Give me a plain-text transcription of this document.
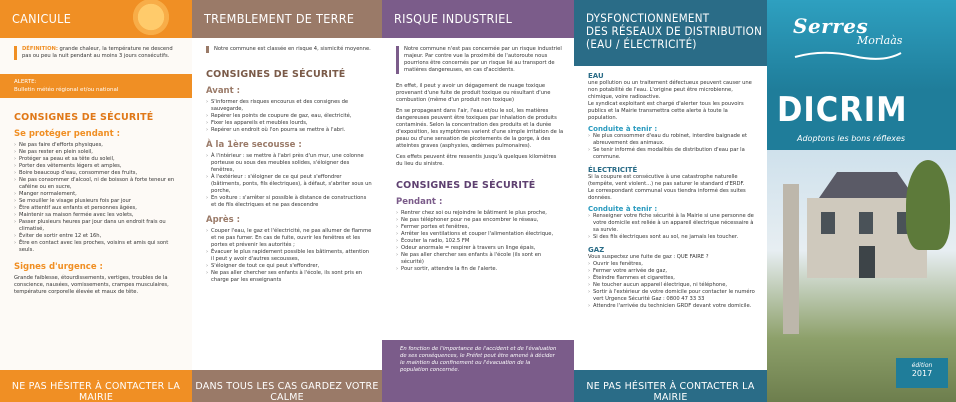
CANICULE

DÉFINITION: grande chaleur, la température ne descend pas ou peu la nuit pendant au moins 3 jours consécutifs.

ALERTE:

Bulletin météo régional et/ou national

CONSIGNES DE SÉCURITÉ
Se protéger pendant :
› Ne pas faire d'efforts physiques,
› Ne pas rester en plein soleil,
› Protéger sa peau et sa tête du soleil,
› Porter des vêtements légers et amples,
› Boire beaucoup d'eau, consommer des fruits,
› Ne pas consommer d'alcool, ni de boisson à forte teneur en caféine ou en sucre,
› Manger normalement,
› Se mouiller le visage plusieurs fois par jour
› Être attentif aux enfants et personnes âgées,
› Maintenir sa maison fermée avec les volets,
› Passer plusieurs heures par jour dans un endroit frais ou climatisé,
› Éviter de sortir entre 12 et 16h,
› Être en contact avec les proches, voisins et amis qui sont seuls.
Signes d'urgence :

Grande faiblesse, étourdissements, vertiges, troubles de la conscience, nausées, vomissements, crampes musculaires, température corporelle élevée et maux de tête.

NE PAS HÉSITER À CONTACTER LA MAIRIE
TREMBLEMENT DE TERRE

Notre commune est classée en risque 4, sismicité moyenne.

CONSIGNES DE SÉCURITÉ
Avant :
› S'informer des risques encourus et des consignes de sauvegarde,
› Repérer les points de coupure de gaz, eau, électricité,
› Fixer les appareils et meubles lourds,
› Repérer un endroit où l'on pourra se mettre à l'abri.
À la 1ère secousse :
› À l'intérieur : se mettre à l'abri près d'un mur, une colonne porteuse ou sous des meubles solides, s'éloigner des fenêtres,
› À l'extérieur : s'éloigner de ce qui peut s'effondrer (bâtiments, ponts, fils électriques), à défaut, s'abriter sous un porche,
› En voiture : s'arrêter si possible à distance de constructions et de fils électriques et ne pas descendre
Après :
› Couper l'eau, le gaz et l'électricité, ne pas allumer de flamme et ne pas fumer. En cas de fuite, ouvrir les fenêtres et les portes et prévenir les autorités ;
› Évacuer le plus rapidement possible les bâtiments, attention il peut y avoir d'autres secousses,
› S'éloigner de tout ce qui peut s'effondrer,
› Ne pas aller chercher ses enfants à l'école, ils sont pris en charge par les enseignants
DANS TOUS LES CAS GARDEZ VOTRE CALME
RISQUE INDUSTRIEL

Notre commune n'est pas concernée par un risque industriel majeur. Par contre vue la proximité de l'autoroute nous pourrions être concernés par un risque lié au transport de matières dangereuses, en cas d'accidents.

En effet, il peut y avoir un dégagement de nuage toxique provenant d'une fuite de produit toxique ou résultant d'une combustion (même d'un produit non toxique)

En se propageant dans l'air, l'eau et/ou le sol, les matières dangereuses peuvent être toxiques par inhalation de produits contaminés. Selon la concentration des produits et la durée d'exposition, les symptômes varient d'une simple irritation de la peau ou d'une sensation de picotements de la gorge, à des atteintes graves (asphyxies, œdèmes pulmonaires).

Ces effets peuvent être ressentis jusqu'à quelques kilomètres du lieu du sinistre.

CONSIGNES DE SÉCURITÉ
Pendant :
› Rentrer chez soi ou rejoindre le bâtiment le plus proche,
› Ne pas téléphoner pour ne pas encombrer le réseau,
› Fermer portes et fenêtres,
› Arrêter les ventilations et couper l'alimentation électrique,
› Écouter la radio, 102.5 FM
› Odeur anormale = respirer à travers un linge épais,
› Ne pas aller chercher ses enfants à l'école (ils sont en sécurité)
› Pour sortir, attendre la fin de l'alerte.

En fonction de l'importance de l'accident et de l'évaluation de ses conséquences, le Préfet peut être amené à décider le maintien du confinement ou l'évacuation de la population concernée.

DYSFONCTIONNEMENT
DES RÉSEAUX DE DISTRIBUTION
(EAU / ÉLECTRICITÉ)
EAU

une pollution ou un traitement défectueux peuvent causer une non potabilité de l'eau. L'origine peut être microbienne, chimique, voire radioactive.

Le syndicat exploitant est chargé d'alerter tous les pouvoirs publics et la Mairie transmettra cette alerte à toute la population.

Conduite à tenir :
› Ne plus consommer d'eau du robinet, interdire baignade et abreuvement des animaux.
› Se tenir informé des modalités de distribution d'eau par la commune.
ÉLECTRICITÉ

Si la coupure est consécutive à une catastrophe naturelle (tempête, vent violent...) ne pas saturer le standard d'ERDF.

Le correspondant communal vous tiendra informé des suites données.

Conduite à tenir :
› Renseigner votre fiche sécurité à la Mairie si une personne de votre domicile est reliée à un appareil électrique nécessaire à sa survie.
› Si des fils électriques sont au sol, ne jamais les toucher.
GAZ

Vous suspectez une fuite de gaz : QUE FAIRE ?

› Ouvrir les fenêtres,
› Fermer votre arrivée de gaz,
› Éteindre flammes et cigarettes,
› Ne toucher aucun appareil électrique, ni téléphone,
› Sortir à l'extérieur de votre domicile pour contacter le numéro vert Urgence Sécurité Gaz : 0800 47 33 33
› Attendre l'arrivée du technicien GRDF devant votre domicile.
NE PAS HÉSITER À CONTACTER LA MAIRIE
Serres
Morlaàs
DICRIM
Adoptons les bons réflexes
édition
2017
